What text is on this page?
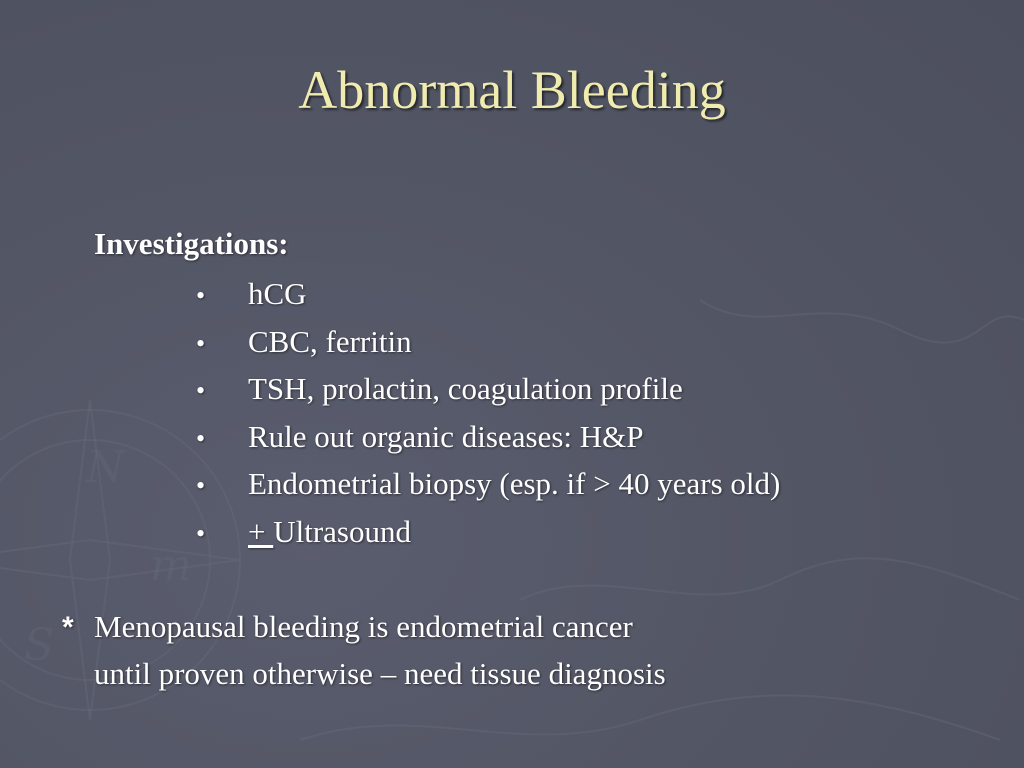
N
S
m
Abnormal Bleeding
Investigations:
• hCG
• CBC, ferritin
• TSH, prolactin, coagulation profile
• Rule out organic diseases: H&P
• Endometrial biopsy (esp. if > 40 years old)
• + Ultrasound
* Menopausal bleeding is endometrial cancer
until proven otherwise – need tissue diagnosis
